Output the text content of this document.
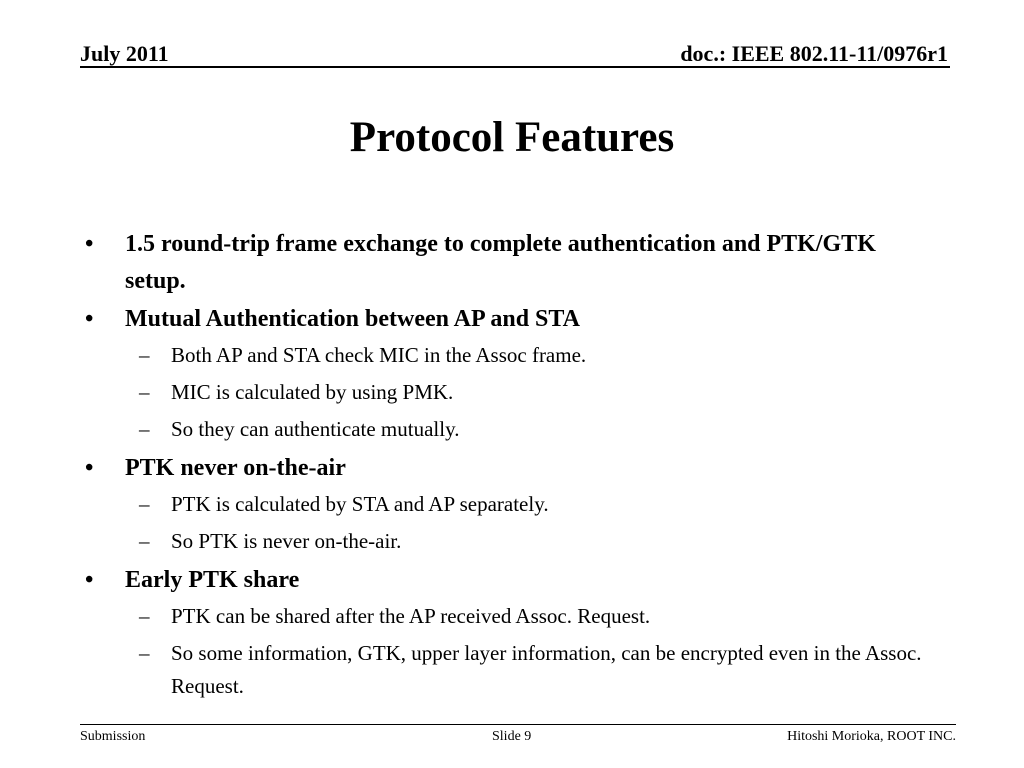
July 2011	doc.: IEEE 802.11-11/0976r1
Protocol Features
•	1.5 round-trip frame exchange to complete authentication and PTK/GTK setup.
•	Mutual Authentication between AP and STA
– Both AP and STA check MIC in the Assoc frame.
– MIC is calculated by using PMK.
– So they can authenticate mutually.
•	PTK never on-the-air
– PTK is calculated by STA and AP separately.
– So PTK is never on-the-air.
•	Early PTK share
– PTK can be shared after the AP received Assoc. Request.
– So some information, GTK, upper layer information, can be encrypted even in the Assoc. Request.
Submission	Slide 9	Hitoshi Morioka, ROOT INC.
